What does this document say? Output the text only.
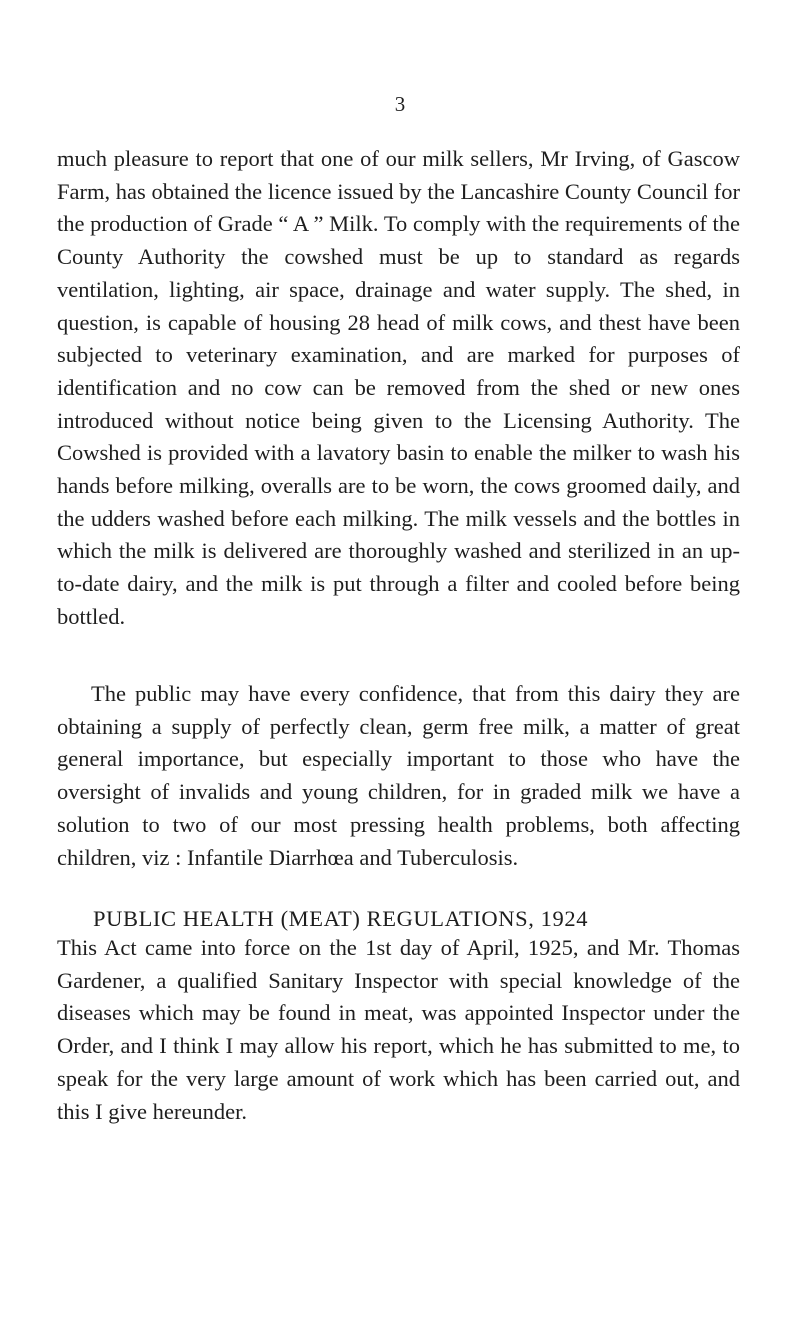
3

much pleasure to report that one of our milk sellers, Mr Irving, of Gascow Farm, has obtained the licence issued by the Lancashire County Council for the production of Grade “ A ” Milk. To comply with the requirements of the County Authority the cowshed must be up to standard as regards ventilation, lighting, air space, drainage and water supply. The shed, in question, is capable of housing 28 head of milk cows, and thest have been subjected to veterinary examination, and are marked for purposes of identification and no cow can be removed from the shed or new ones introduced without notice being given to the Licensing Authority. The Cowshed is provided with a lavatory basin to enable the milker to wash his hands before milking, overalls are to be worn, the cows groomed daily, and the udders washed before each milking. The milk vessels and the bottles in which the milk is delivered are thoroughly washed and sterilized in an up-to-date dairy, and the milk is put through a filter and cooled before being bottled.

The public may have every confidence, that from this dairy they are obtaining a supply of perfectly clean, germ free milk, a matter of great general importance, but especially important to those who have the oversight of invalids and young children, for in graded milk we have a solution to two of our most pressing health problems, both affecting children, viz : Infantile Diarrhœa and Tuberculosis.

PUBLIC HEALTH (MEAT) REGULATIONS, 1924

This Act came into force on the 1st day of April, 1925, and Mr. Thomas Gardener, a qualified Sanitary Inspector with special knowledge of the diseases which may be found in meat, was appointed Inspector under the Order, and I think I may allow his report, which he has submitted to me, to speak for the very large amount of work which has been carried out, and this I give hereunder.
